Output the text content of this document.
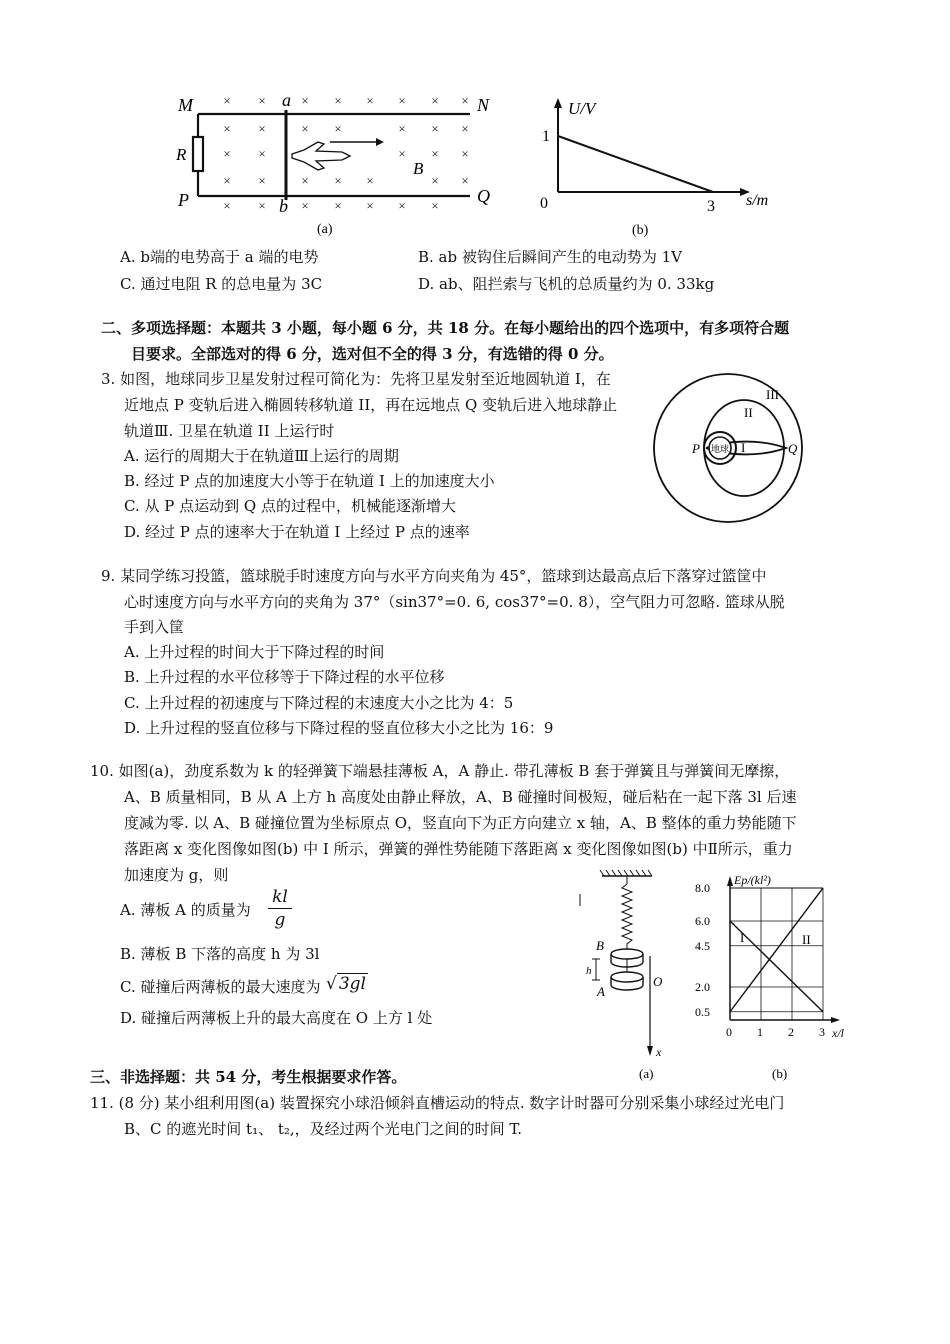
× ×	× × × × × ×
× ×	× ×	× × ×
× ×	× × ×
× ×	× × ×	× ×
× ×	× × × × ×
M	N
P	Q
a
b
R
B
(a)
U/V
s/m
1
0	3
(b)
A. b端的电势高于 a 端的电势	B. ab 被钩住后瞬间产生的电动势为 1V
C. 通过电阻 R 的总电量为 3C	D. ab、阻拦索与飞机的总质量约为 0. 33kg
二、多项选择题：本题共 3 小题，每小题 6 分，共 18 分。在每小题给出的四个选项中，有多项符合题
目要求。全部选对的得 6 分，选对但不全的得 3 分，有选错的得 0 分。
3. 如图，地球同步卫星发射过程可简化为：先将卫星发射至近地圆轨道 I，在
近地点 P 变轨后进入椭圆转移轨道 II，再在远地点 Q 变轨后进入地球静止
轨道Ⅲ. 卫星在轨道 II 上运行时
A. 运行的周期大于在轨道Ⅲ上运行的周期
B. 经过 P 点的加速度大小等于在轨道 I 上的加速度大小
C. 从 P 点运动到 Q 点的过程中，机械能逐渐增大
D. 经过 P 点的速率大于在轨道 I 上经过 P 点的速率
地球
III
II
I
P	Q
9. 某同学练习投篮，篮球脱手时速度方向与水平方向夹角为 45°，篮球到达最高点后下落穿过篮筐中
心时速度方向与水平方向的夹角为 37°（sin37°=0. 6, cos37°=0. 8），空气阻力可忽略. 篮球从脱
手到入筐
A. 上升过程的时间大于下降过程的时间
B. 上升过程的水平位移等于下降过程的水平位移
C. 上升过程的初速度与下降过程的末速度大小之比为 4：5
D. 上升过程的竖直位移与下降过程的竖直位移大小之比为 16：9
10. 如图(a)，劲度系数为 k 的轻弹簧下端悬挂薄板 A，A 静止. 带孔薄板 B 套于弹簧且与弹簧间无摩擦，
A、B 质量相同，B 从 A 上方 h 高度处由静止释放，A、B 碰撞时间极短，碰后粘在一起下落 3l 后速
度减为零. 以 A、B 碰撞位置为坐标原点 O，竖直向下为正方向建立 x 轴，A、B 整体的重力势能随下
落距离 x 变化图像如图(b) 中 I 所示，弹簧的弹性势能随下落距离 x 变化图像如图(b) 中Ⅱ所示，重力
加速度为 g，则
A. 薄板 A 的质量为 $\frac{kl}{g}$
B. 薄板 B 下落的高度 h 为 3l
C. 碰撞后两薄板的最大速度为 √ 3gl
D. 碰撞后两薄板上升的最大高度在 O 上方 l 处
B
A
h
O
x
(a)
8.0
6.0
4.5
2.0
0.5
0 1 2 3
Ep/(kl²)
x/l
I	II
(b)
三、非选择题：共 54 分，考生根据要求作答。
11. (8 分) 某小组利用图(a) 装置探究小球沿倾斜直槽运动的特点. 数字计时器可分别采集小球经过光电门
B、C 的遮光时间 t₁、 t₂,，及经过两个光电门之间的时间 T.
